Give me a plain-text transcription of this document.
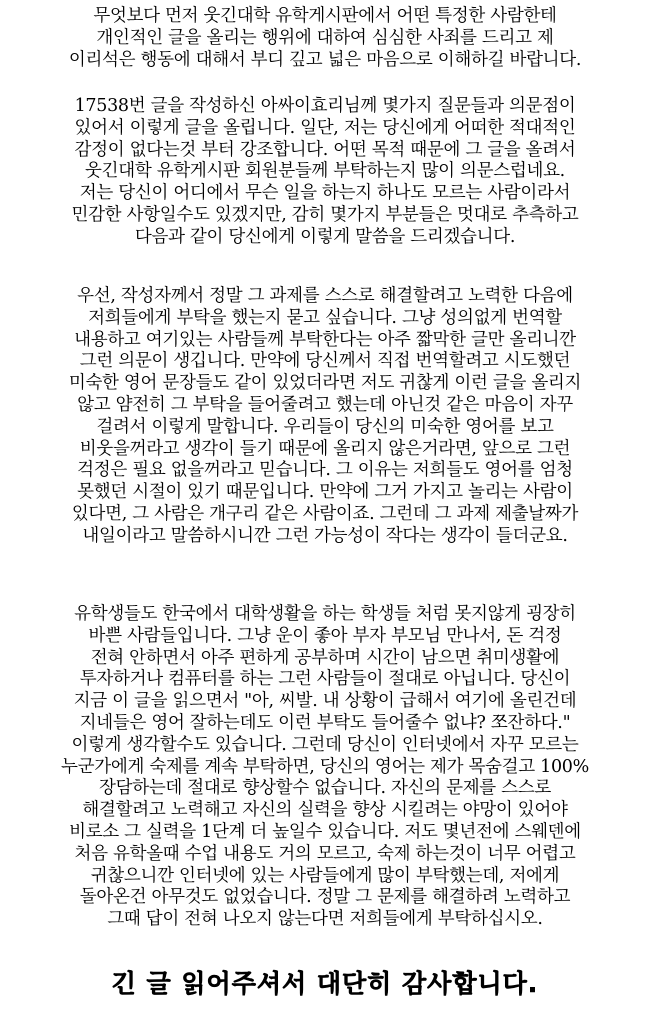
무엇보다 먼저 웃긴대학 유학게시판에서 어떤 특정한 사람한테
개인적인 글을 올리는 행위에 대하여 심심한 사죄를 드리고 제
이리석은 행동에 대해서 부디 깊고 넓은 마음으로 이해하길 바랍니다.
17538번 글을 작성하신 아싸이효리님께 몇가지 질문들과 의문점이
있어서 이렇게 글을 올립니다. 일단, 저는 당신에게 어떠한 적대적인
감정이 없다는것 부터 강조합니다. 어떤 목적 때문에 그 글을 올려서
웃긴대학 유학게시판 회원분들께 부탁하는지 많이 의문스럽네요.
저는 당신이 어디에서 무슨 일을 하는지 하나도 모르는 사람이라서
민감한 사항일수도 있겠지만, 감히 몇가지 부분들은 멋대로 추측하고
다음과 같이 당신에게 이렇게 말씀을 드리겠습니다.
우선, 작성자께서 정말 그 과제를 스스로 해결할려고 노력한 다음에
저희들에게 부탁을 했는지 묻고 싶습니다. 그냥 성의없게 번역할
내용하고 여기있는 사람들께 부탁한다는 아주 짧막한 글만 올리니깐
그런 의문이 생깁니다. 만약에 당신께서 직접 번역할려고 시도했던
미숙한 영어 문장들도 같이 있었더라면 저도 귀찮게 이런 글을 올리지
않고 얌전히 그 부탁을 들어줄려고 했는데 아닌것 같은 마음이 자꾸
걸려서 이렇게 말합니다. 우리들이 당신의 미숙한 영어를 보고
비웃을꺼라고 생각이 들기 때문에 올리지 않은거라면, 앞으로 그런
걱정은 필요 없을꺼라고 믿습니다. 그 이유는 저희들도 영어를 엄청
못했던 시절이 있기 때문입니다. 만약에 그거 가지고 놀리는 사람이
있다면, 그 사람은 개구리 같은 사람이죠. 그런데 그 과제 제출날짜가
내일이라고 말씀하시니깐 그런 가능성이 작다는 생각이 들더군요.
유학생들도 한국에서 대학생활을 하는 학생들 처럼 못지않게 굉장히
바쁜 사람들입니다. 그냥 운이 좋아 부자 부모님 만나서, 돈 걱정
전혀 안하면서 아주 편하게 공부하며 시간이 남으면 취미생활에
투자하거나 컴퓨터를 하는 그런 사람들이 절대로 아닙니다. 당신이
지금 이 글을 읽으면서 "아, 씨발. 내 상황이 급해서 여기에 올린건데
지네들은 영어 잘하는데도 이런 부탁도 들어줄수 없냐? 쪼잔하다."
이렇게 생각할수도 있습니다. 그런데 당신이 인터넷에서 자꾸 모르는
누군가에게 숙제를 계속 부탁하면, 당신의 영어는 제가 목숨걸고 100%
장담하는데 절대로 향상할수 없습니다. 자신의 문제를 스스로
해결할려고 노력해고 자신의 실력을 향상 시킬려는 야망이 있어야
비로소 그 실력을 1단계 더 높일수 있습니다. 저도 몇년전에 스웨덴에
처음 유학올때 수업 내용도 거의 모르고, 숙제 하는것이 너무 어렵고
귀찮으니깐 인터넷에 있는 사람들에게 많이 부탁했는데, 저에게
돌아온건 아무것도 없었습니다. 정말 그 문제를 해결하려 노력하고
그때 답이 전혀 나오지 않는다면 저희들에게 부탁하십시오.
긴 글 읽어주셔서 대단히 감사합니다.
